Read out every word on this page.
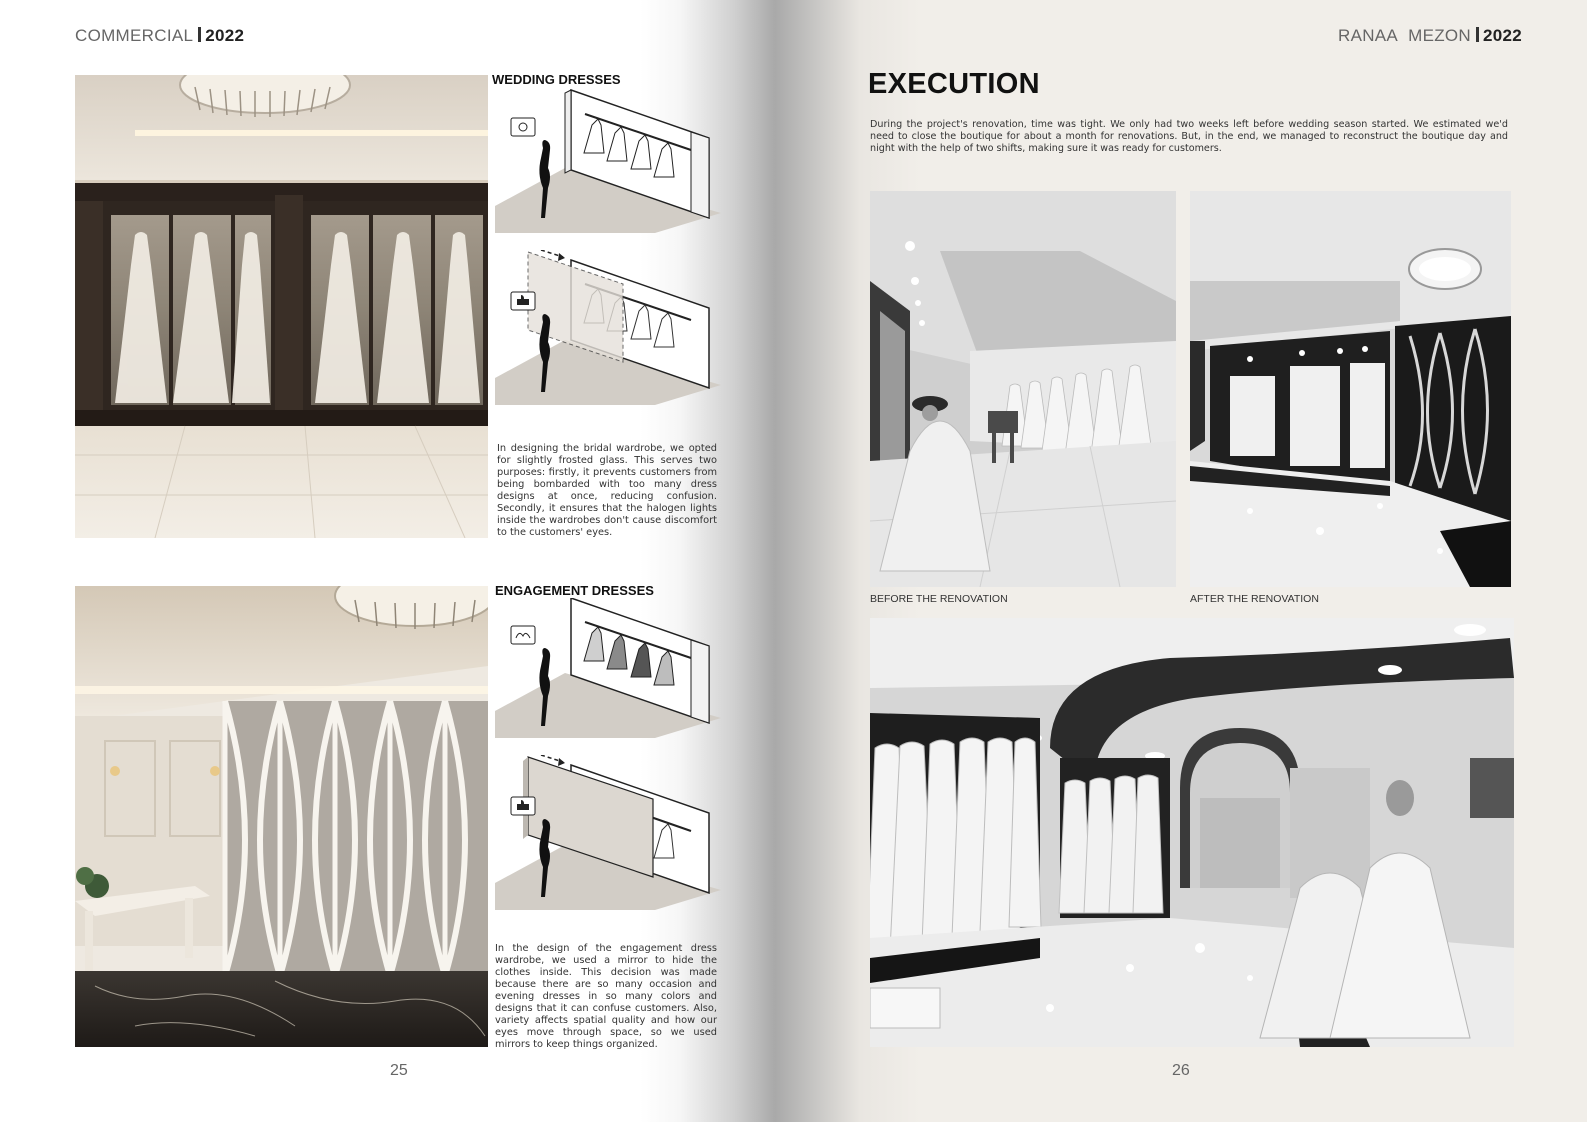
COMMERCIAL 2022
WEDDING DRESSES

In designing the bridal wardrobe, we opted for slightly frosted glass. This serves two purposes: firstly, it prevents customers from being bombarded with too many dress designs at once, reducing confusion. Secondly, it ensures that the halogen lights inside the wardrobes don't cause discomfort to the customers' eyes.

ENGAGEMENT DRESSES

In the design of the engagement dress wardrobe, we used a mirror to hide the clothes inside. This decision was made because there are so many occasion and evening dresses in so many colors and designs that it can confuse customers. Also, variety affects spatial quality and how our eyes move through space, so we used mirrors to keep things organized.

25
RANAA MEZON 2022
EXECUTION

During the project's renovation, time was tight. We only had two weeks left before wedding season started. We estimated we'd need to close the boutique for about a month for renovations. But, in the end, we managed to reconstruct the boutique day and night with the help of two shifts, making sure it was ready for customers.

BEFORE THE RENOVATION	AFTER THE RENOVATION
26
